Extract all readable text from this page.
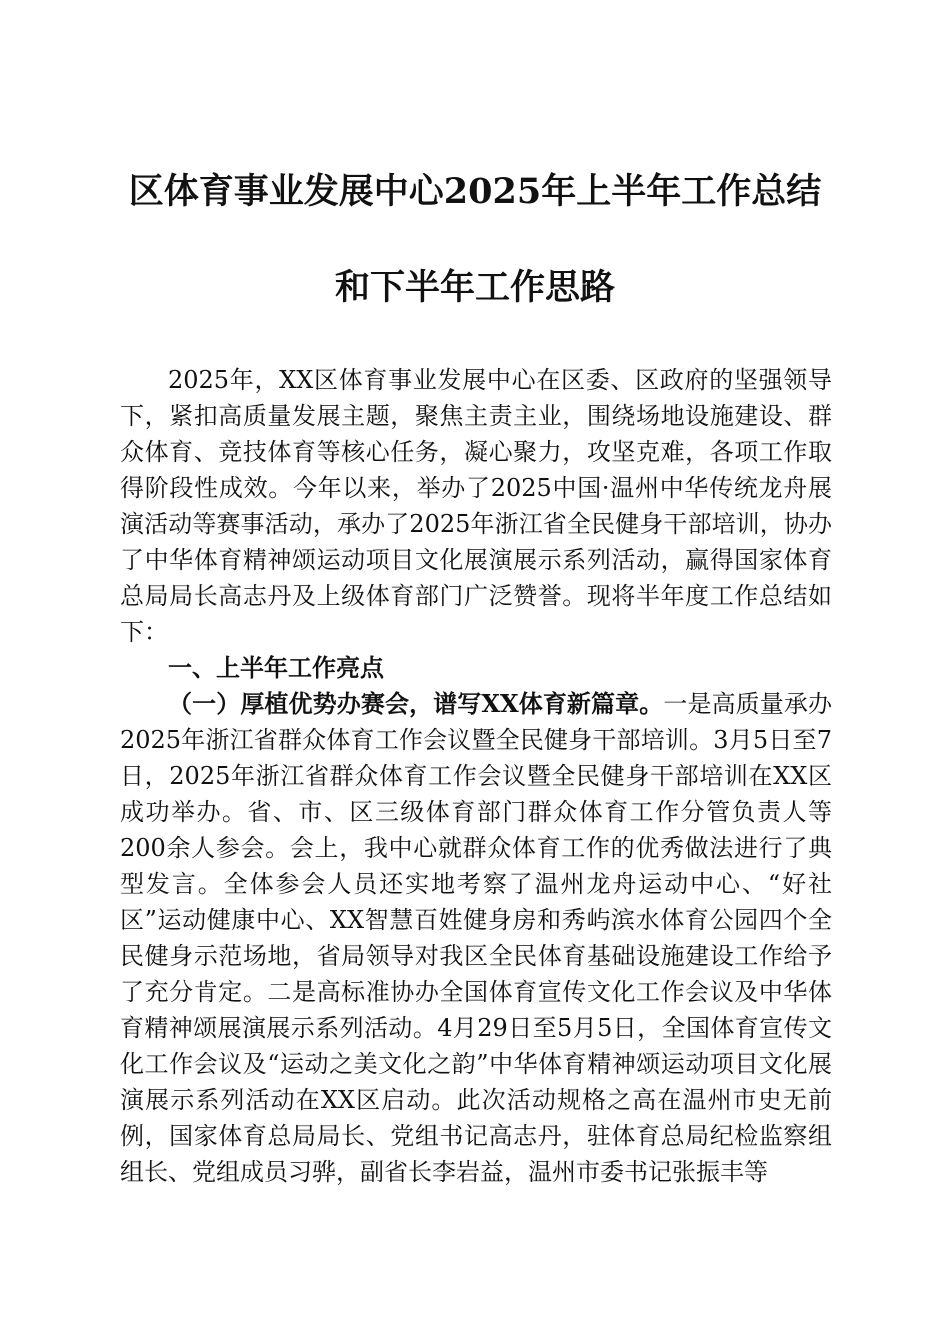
区体育事业发展中心2025年上半年工作总结
和下半年工作思路

2025年，XX区体育事业发展中心在区委、区政府的坚强领导下，紧扣高质量发展主题，聚焦主责主业，围绕场地设施建设、群众体育、竞技体育等核心任务，凝心聚力，攻坚克难，各项工作取得阶段性成效。今年以来，举办了2025中国·温州中华传统龙舟展演活动等赛事活动，承办了2025年浙江省全民健身干部培训，协办了中华体育精神颂运动项目文化展演展示系列活动，赢得国家体育总局局长高志丹及上级体育部门广泛赞誉。现将半年度工作总结如下：

一、上半年工作亮点

（一）厚植优势办赛会，谱写XX体育新篇章。一是高质量承办2025年浙江省群众体育工作会议暨全民健身干部培训。3月5日至7日，2025年浙江省群众体育工作会议暨全民健身干部培训在XX区成功举办。省、市、区三级体育部门群众体育工作分管负责人等200余人参会。会上，我中心就群众体育工作的优秀做法进行了典型发言。全体参会人员还实地考察了温州龙舟运动中心、“好社区”运动健康中心、XX智慧百姓健身房和秀屿滨水体育公园四个全民健身示范场地，省局领导对我区全民体育基础设施建设工作给予了充分肯定。二是高标准协办全国体育宣传文化工作会议及中华体育精神颂展演展示系列活动。4月29日至5月5日，全国体育宣传文化工作会议及“运动之美文化之韵”中华体育精神颂运动项目文化展演展示系列活动在XX区启动。此次活动规格之高在温州市史无前例，国家体育总局局长、党组书记高志丹，驻体育总局纪检监察组组长、党组成员习骅，副省长李岩益，温州市委书记张振丰等
